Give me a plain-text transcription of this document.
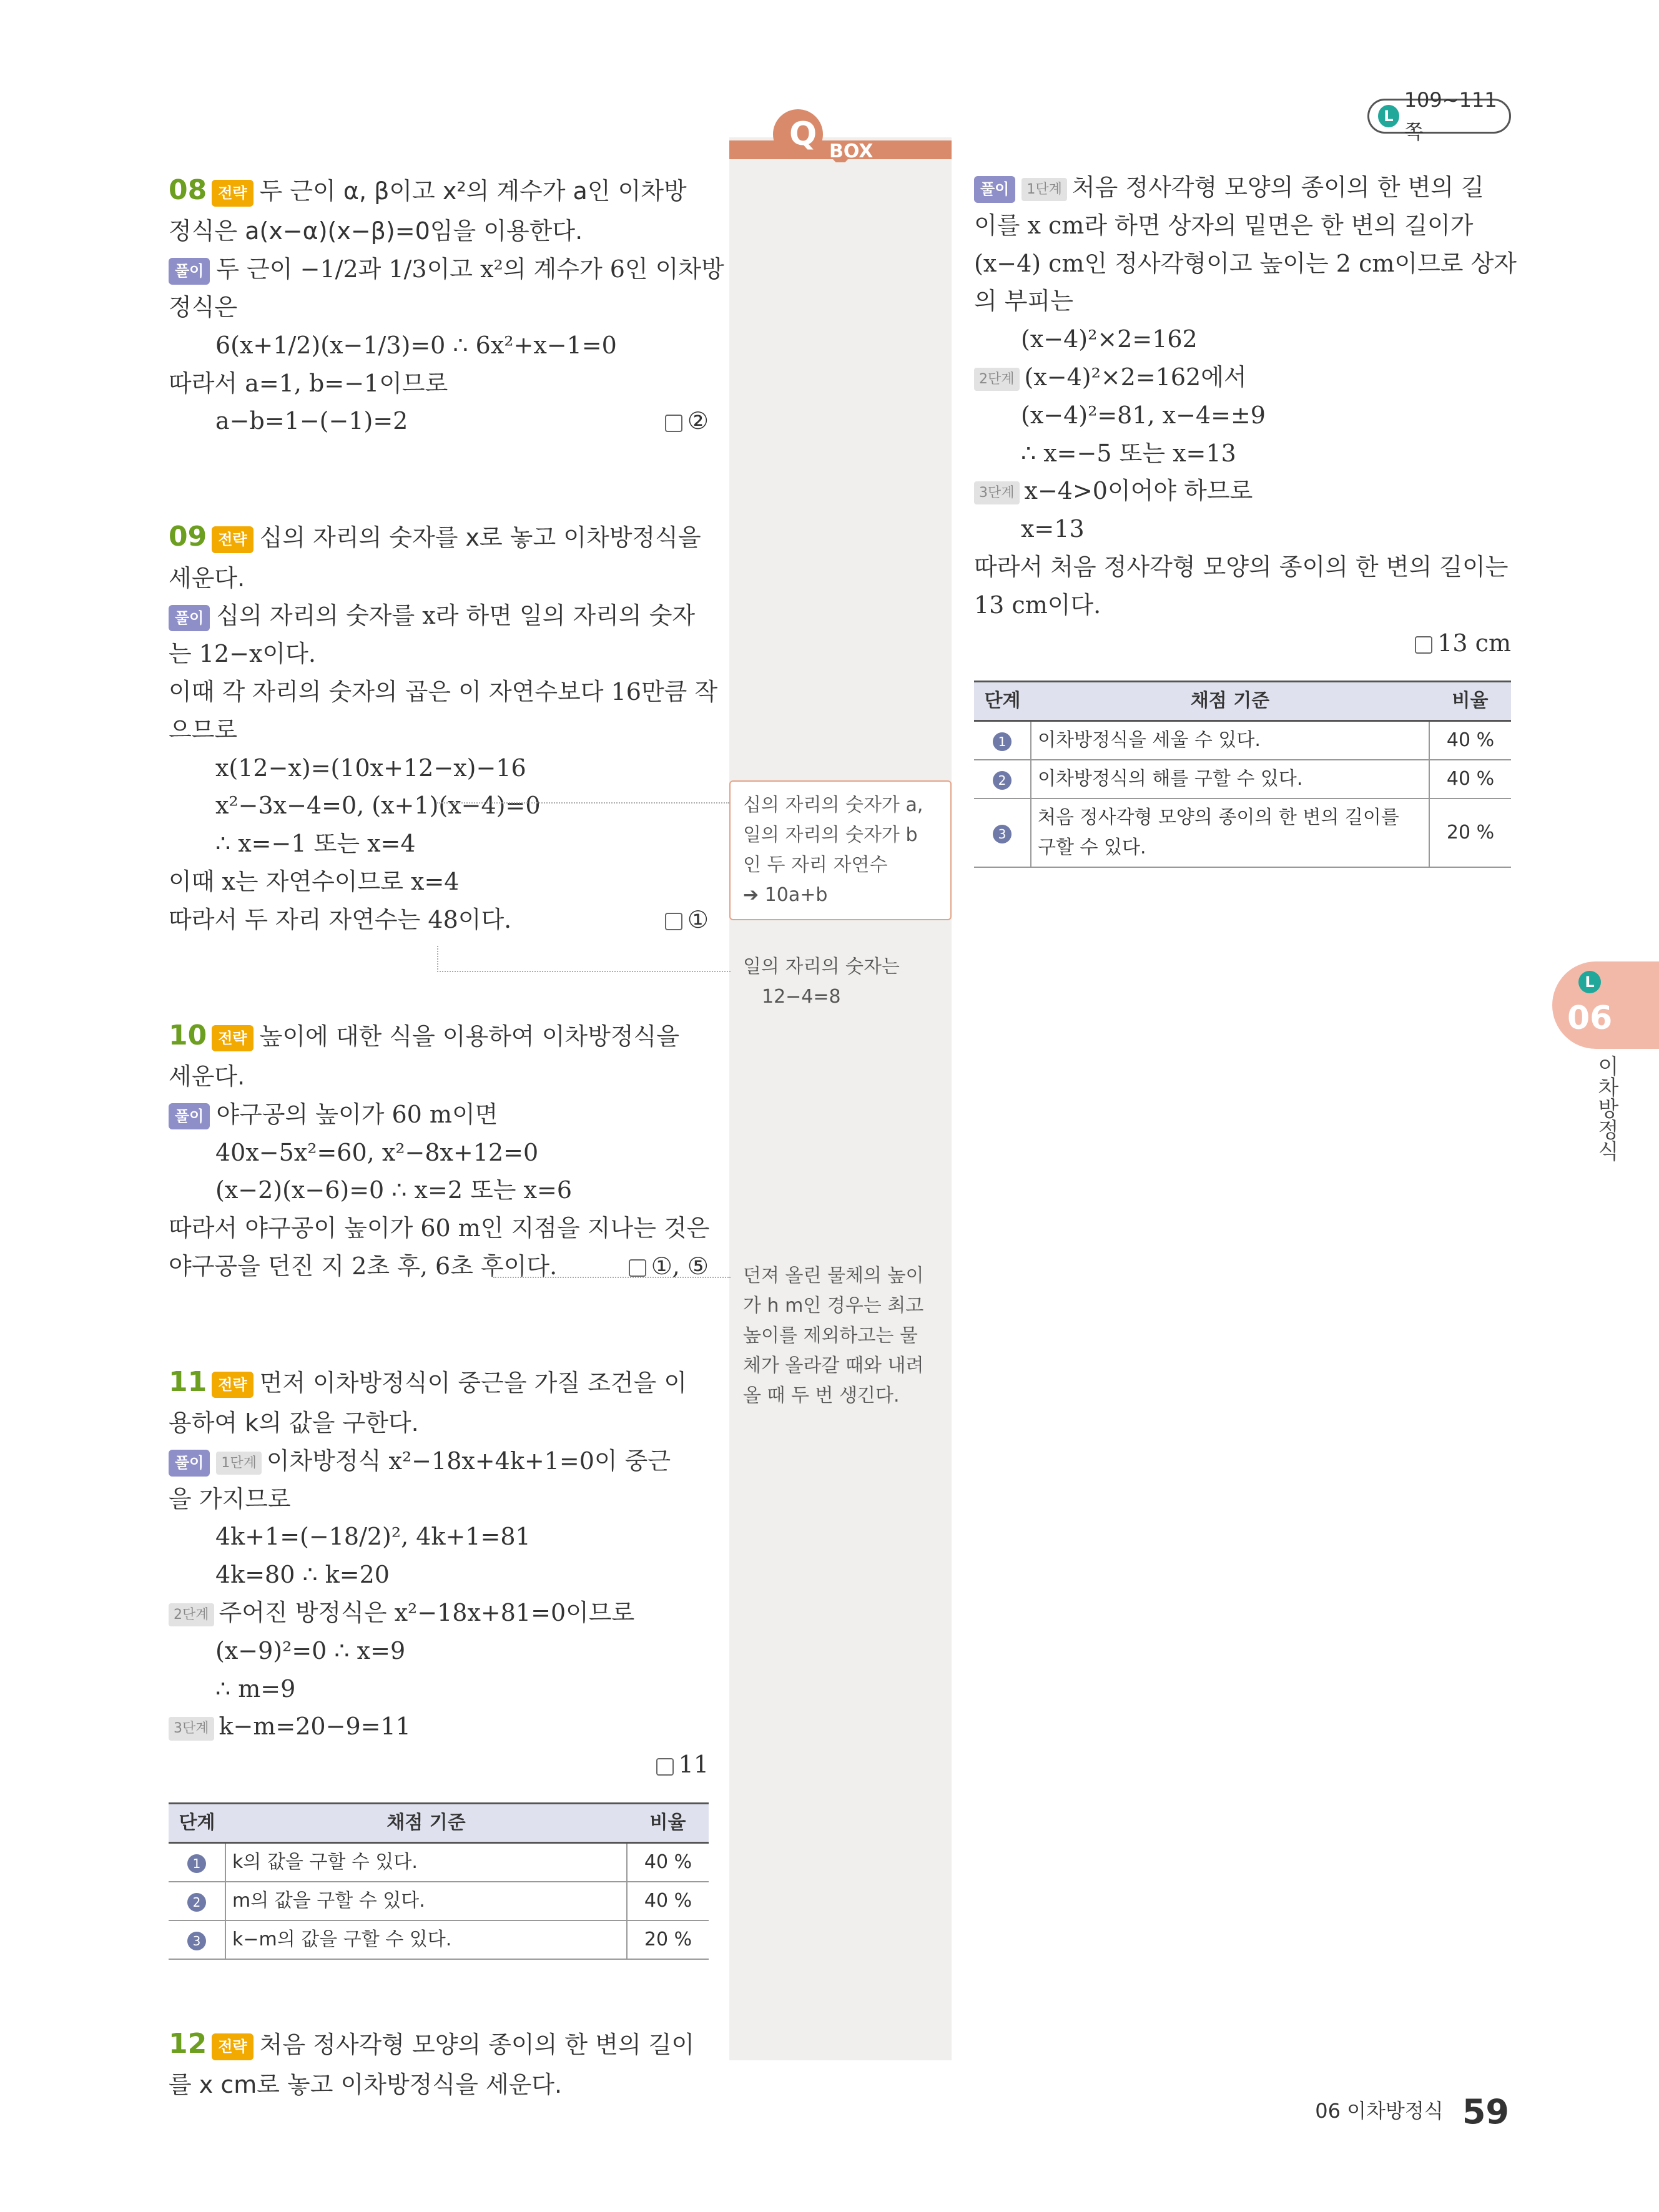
Q BOX
L
109~111쪽
08 전략 두 근이 α, β이고 x²의 계수가 a인 이차방정식은 a(x−α)(x−β)=0임을 이용한다.
풀이 두 근이 −1/2과 1/3이고 x²의 계수가 6인 이차방
정식은
6(x+1/2)(x−1/3)=0 ∴ 6x²+x−1=0
따라서 a=1, b=−1이므로
a−b=1−(−1)=2	②
09 전략 십의 자리의 숫자를 x로 놓고 이차방정식을 세운다.
풀이 십의 자리의 숫자를 x라 하면 일의 자리의 숫자
는 12−x이다.
이때 각 자리의 숫자의 곱은 이 자연수보다 16만큼 작
으므로
x(12−x)=(10x+12−x)−16
x²−3x−4=0, (x+1)(x−4)=0
∴ x=−1 또는 x=4
이때 x는 자연수이므로 x=4
따라서 두 자리 자연수는 48이다.	①
10 전략 높이에 대한 식을 이용하여 이차방정식을 세운다.
풀이 야구공의 높이가 60 m이면
40x−5x²=60, x²−8x+12=0
(x−2)(x−6)=0 ∴ x=2 또는 x=6
따라서 야구공이 높이가 60 m인 지점을 지나는 것은
야구공을 던진 지 2초 후, 6초 후이다.	①, ⑤
11 전략 먼저 이차방정식이 중근을 가질 조건을 이용하여 k의 값을 구한다.
풀이 1단계 이차방정식 x²−18x+4k+1=0이 중근
을 가지므로
4k+1=(−18/2)², 4k+1=81
4k=80 ∴ k=20
2단계 주어진 방정식은 x²−18x+81=0이므로
(x−9)²=0 ∴ x=9
∴ m=9
3단계 k−m=20−9=11
11
단계	채점 기준	비율
1	k의 값을 구할 수 있다.	40 %
2	m의 값을 구할 수 있다.	40 %
3	k−m의 값을 구할 수 있다.	20 %
12 전략 처음 정사각형 모양의 종이의 한 변의 길이를 x cm로 놓고 이차방정식을 세운다.
십의 자리의 숫자가 a,
일의 자리의 숫자가 b
인 두 자리 자연수
➔ 10a+b
일의 자리의 숫자는
12−4=8
던져 올린 물체의 높이
가 h m인 경우는 최고
높이를 제외하고는 물
체가 올라갈 때와 내려
올 때 두 번 생긴다.
풀이 1단계 처음 정사각형 모양의 종이의 한 변의 길
이를 x cm라 하면 상자의 밑면은 한 변의 길이가
(x−4) cm인 정사각형이고 높이는 2 cm이므로 상자
의 부피는
(x−4)²×2=162
2단계 (x−4)²×2=162에서
(x−4)²=81, x−4=±9
∴ x=−5 또는 x=13
3단계 x−4>0이어야 하므로
x=13
따라서 처음 정사각형 모양의 종이의 한 변의 길이는
13 cm이다.
13 cm
단계	채점 기준	비율
1	이차방정식을 세울 수 있다.	40 %
2	이차방정식의 해를 구할 수 있다.	40 %
3	처음 정사각형 모양의 종이의 한 변의 길이를 구할 수 있다.	20 %
L
06
이차방정식
06 이차방정식 59
